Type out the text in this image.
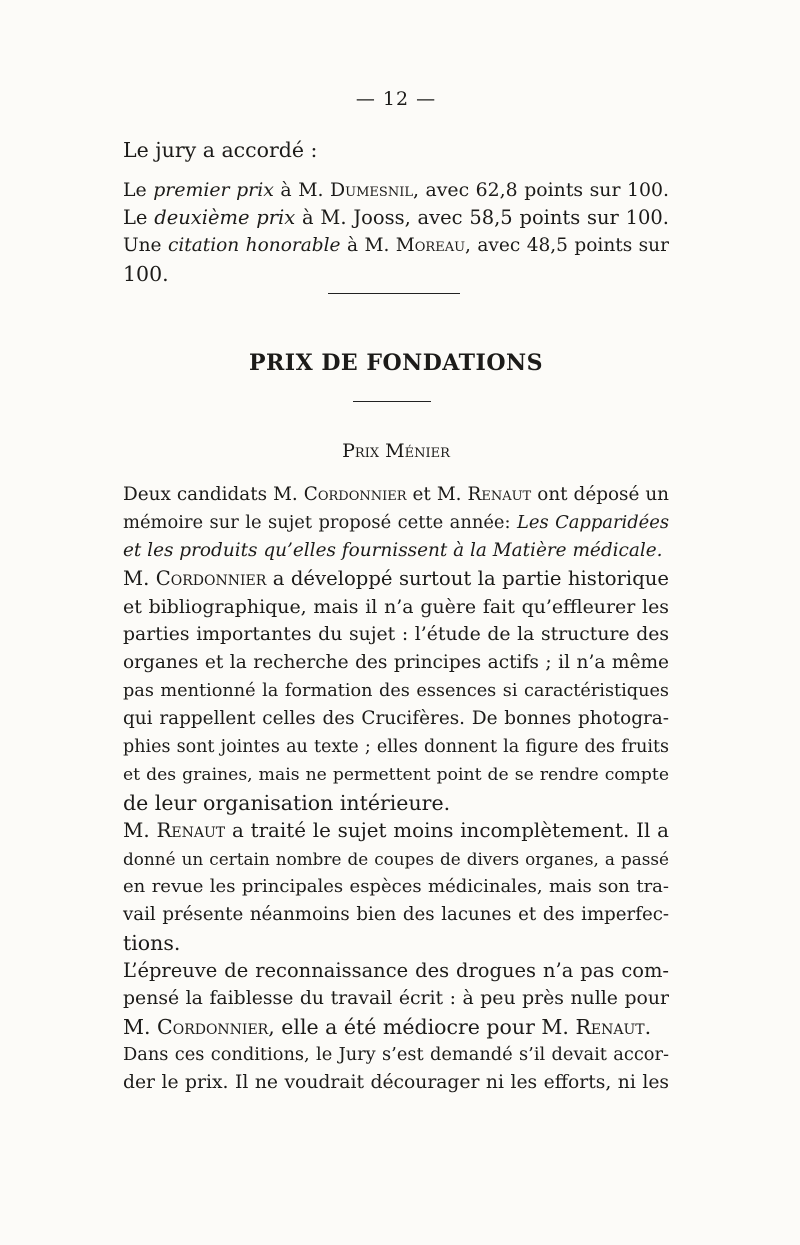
— 12 —
Le jury a accordé :
Le premier prix à M. Dumesnil, avec 62,8 points sur 100.
Le deuxième prix à M. Jooss, avec 58,5 points sur 100.
Une citation honorable à M. Moreau, avec 48,5 points sur
100.
PRIX DE FONDATIONS
Prix Ménier
Deux candidats M. Cordonnier et M. Renaut ont déposé un
mémoire sur le sujet proposé cette année: Les Capparidées
et les produits qu’elles fournissent à la Matière médicale.
M. Cordonnier a développé surtout la partie historique
et bibliographique, mais il n’a guère fait qu’effleurer les
parties importantes du sujet : l’étude de la structure des
organes et la recherche des principes actifs ; il n’a même
pas mentionné la formation des essences si caractéristiques
qui rappellent celles des Crucifères. De bonnes photogra-
phies sont jointes au texte ; elles donnent la figure des fruits
et des graines, mais ne permettent point de se rendre compte
de leur organisation intérieure.
M. Renaut a traité le sujet moins incomplètement. Il a
donné un certain nombre de coupes de divers organes, a passé
en revue les principales espèces médicinales, mais son tra-
vail présente néanmoins bien des lacunes et des imperfec-
tions.
L’épreuve de reconnaissance des drogues n’a pas com-
pensé la faiblesse du travail écrit : à peu près nulle pour
M. Cordonnier, elle a été médiocre pour M. Renaut.
Dans ces conditions, le Jury s’est demandé s’il devait accor-
der le prix. Il ne voudrait décourager ni les efforts, ni les
